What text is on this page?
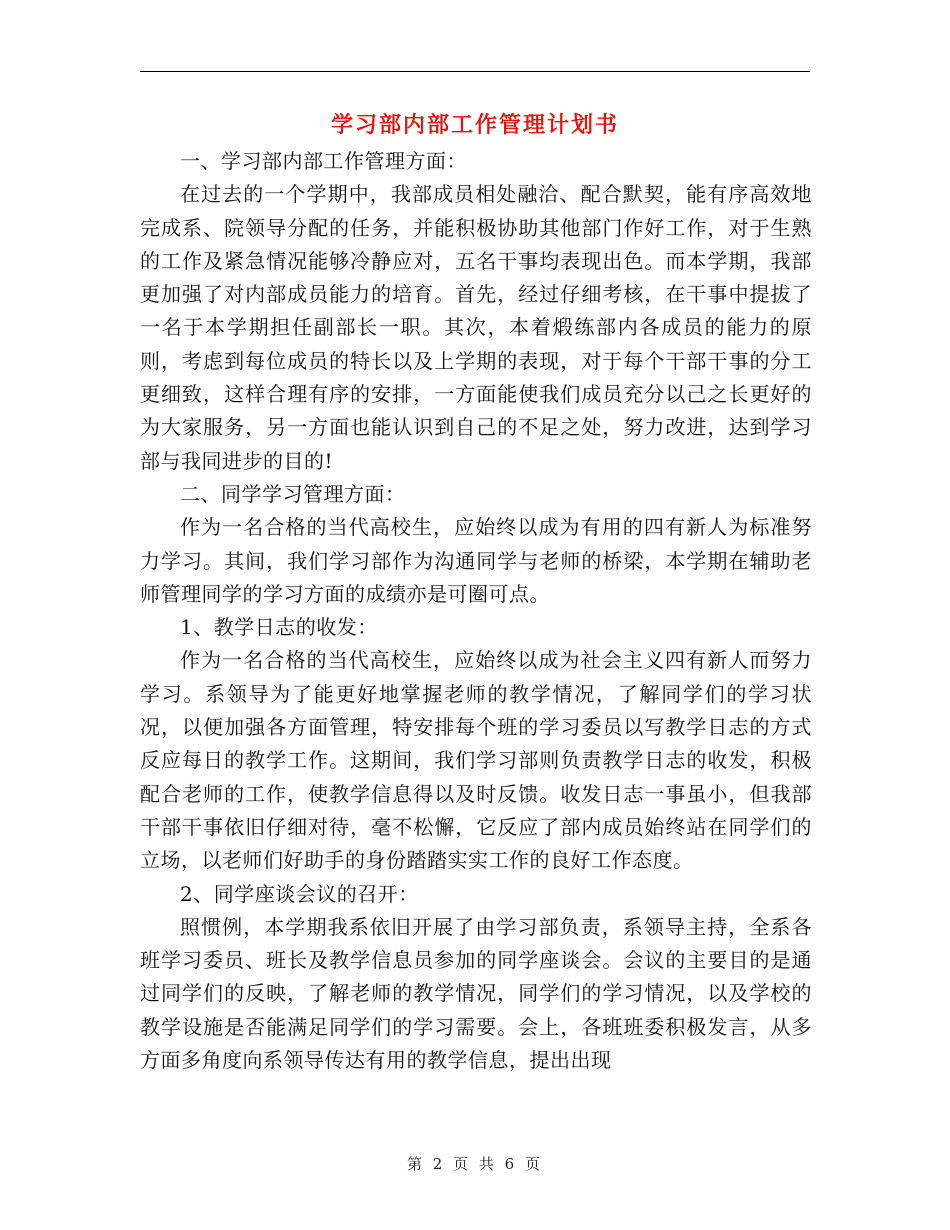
学习部内部工作管理计划书

一、学习部内部工作管理方面：

在过去的一个学期中，我部成员相处融洽、配合默契，能有序高效地完成系、院领导分配的任务，并能积极协助其他部门作好工作，对于生熟的工作及紧急情况能够冷静应对，五名干事均表现出色。而本学期，我部更加强了对内部成员能力的培育。首先，经过仔细考核，在干事中提拔了一名于本学期担任副部长一职。其次，本着煅练部内各成员的能力的原则，考虑到每位成员的特长以及上学期的表现，对于每个干部干事的分工更细致，这样合理有序的安排，一方面能使我们成员充分以己之长更好的为大家服务，另一方面也能认识到自己的不足之处，努力改进，达到学习部与我同进步的目的!

二、同学学习管理方面：

作为一名合格的当代高校生，应始终以成为有用的四有新人为标准努力学习。其间，我们学习部作为沟通同学与老师的桥梁，本学期在辅助老师管理同学的学习方面的成绩亦是可圈可点。

1、教学日志的收发：

作为一名合格的当代高校生，应始终以成为社会主义四有新人而努力学习。系领导为了能更好地掌握老师的教学情况，了解同学们的学习状况，以便加强各方面管理，特安排每个班的学习委员以写教学日志的方式反应每日的教学工作。这期间，我们学习部则负责教学日志的收发，积极配合老师的工作，使教学信息得以及时反馈。收发日志一事虽小，但我部干部干事依旧仔细对待，毫不松懈，它反应了部内成员始终站在同学们的立场，以老师们好助手的身份踏踏实实工作的良好工作态度。

2、同学座谈会议的召开：

照惯例，本学期我系依旧开展了由学习部负责，系领导主持，全系各班学习委员、班长及教学信息员参加的同学座谈会。会议的主要目的是通过同学们的反映，了解老师的教学情况，同学们的学习情况，以及学校的教学设施是否能满足同学们的学习需要。会上，各班班委积极发言，从多方面多角度向系领导传达有用的教学信息，提出出现

第 2 页 共 6 页
